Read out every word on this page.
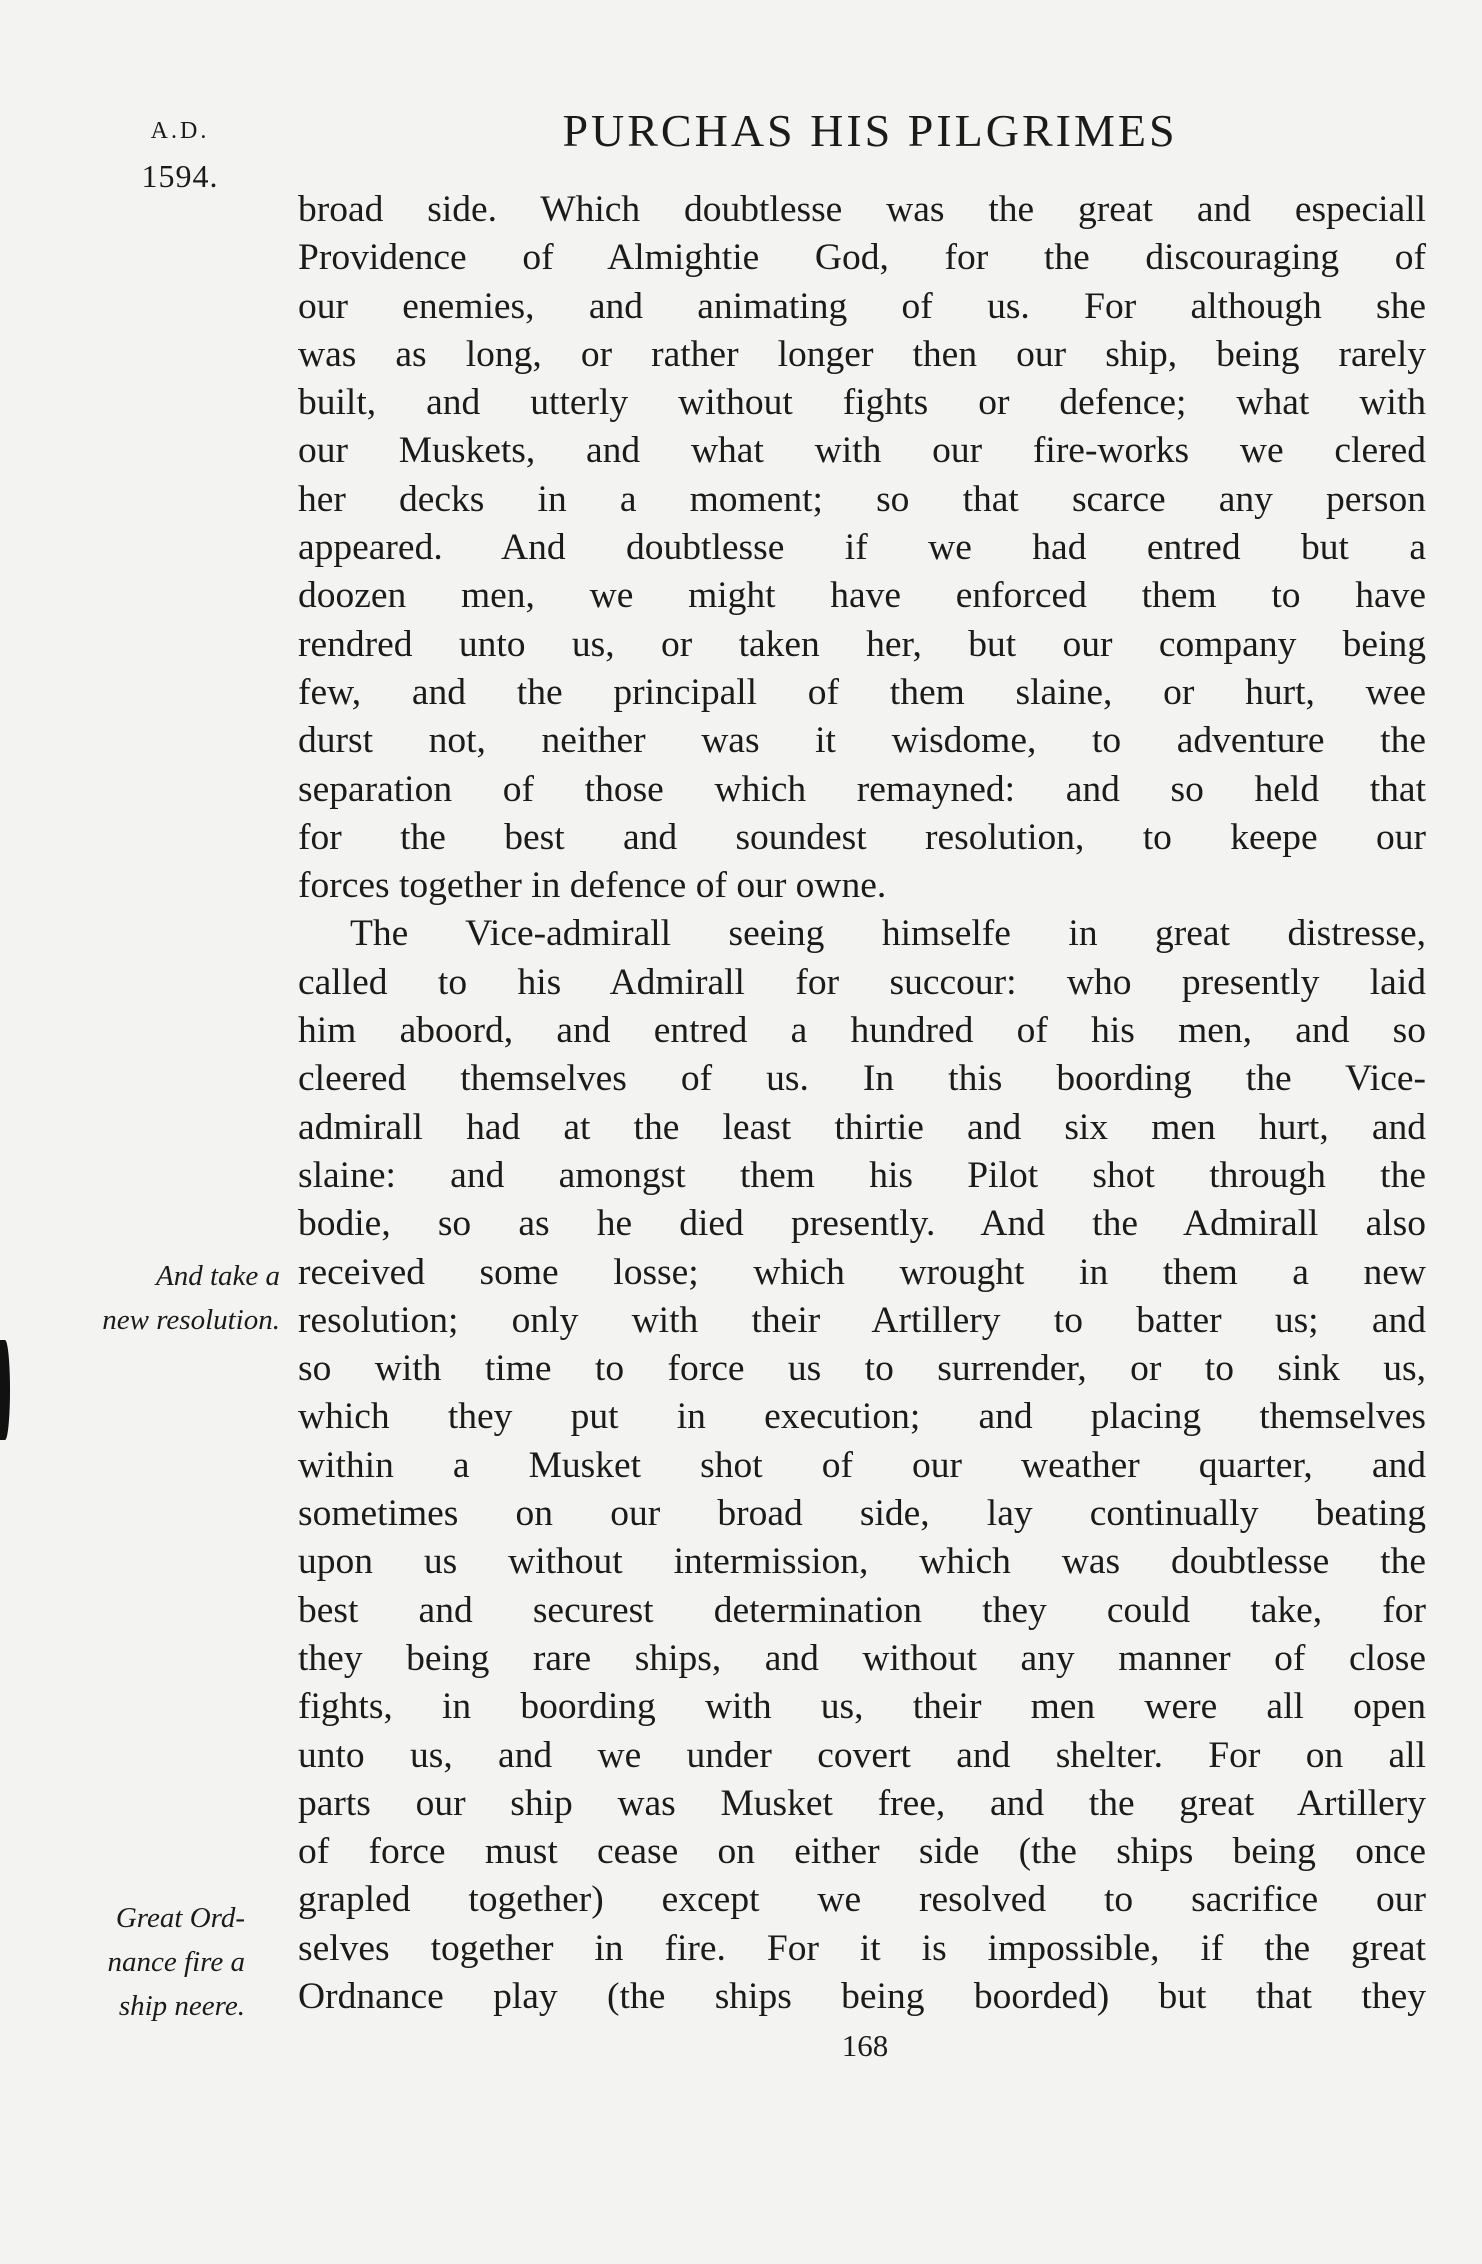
A.D.
1594.
PURCHAS HIS PILGRIMES
broad side. Which doubtlesse was the great and especiall
Providence of Almightie God, for the discouraging of
our enemies, and animating of us. For although she
was as long, or rather longer then our ship, being rarely
built, and utterly without fights or defence; what with
our Muskets, and what with our fire-works we clered
her decks in a moment; so that scarce any person
appeared. And doubtlesse if we had entred but a
doozen men, we might have enforced them to have
rendred unto us, or taken her, but our company being
few, and the principall of them slaine, or hurt, wee
durst not, neither was it wisdome, to adventure the
separation of those which remayned: and so held that
for the best and soundest resolution, to keepe our
forces together in defence of our owne.
The Vice-admirall seeing himselfe in great distresse,
called to his Admirall for succour: who presently laid
him aboord, and entred a hundred of his men, and so
cleered themselves of us. In this boording the Vice-
admirall had at the least thirtie and six men hurt, and
slaine: and amongst them his Pilot shot through the
bodie, so as he died presently. And the Admirall also
received some losse; which wrought in them a new
resolution; only with their Artillery to batter us; and
so with time to force us to surrender, or to sink us,
which they put in execution; and placing themselves
within a Musket shot of our weather quarter, and
sometimes on our broad side, lay continually beating
upon us without intermission, which was doubtlesse the
best and securest determination they could take, for
they being rare ships, and without any manner of close
fights, in boording with us, their men were all open
unto us, and we under covert and shelter. For on all
parts our ship was Musket free, and the great Artillery
of force must cease on either side (the ships being once
grapled together) except we resolved to sacrifice our
selves together in fire. For it is impossible, if the great
Ordnance play (the ships being boorded) but that they
And take a
new resolution.
Great Ord-
nance fire a
ship neere.
168
